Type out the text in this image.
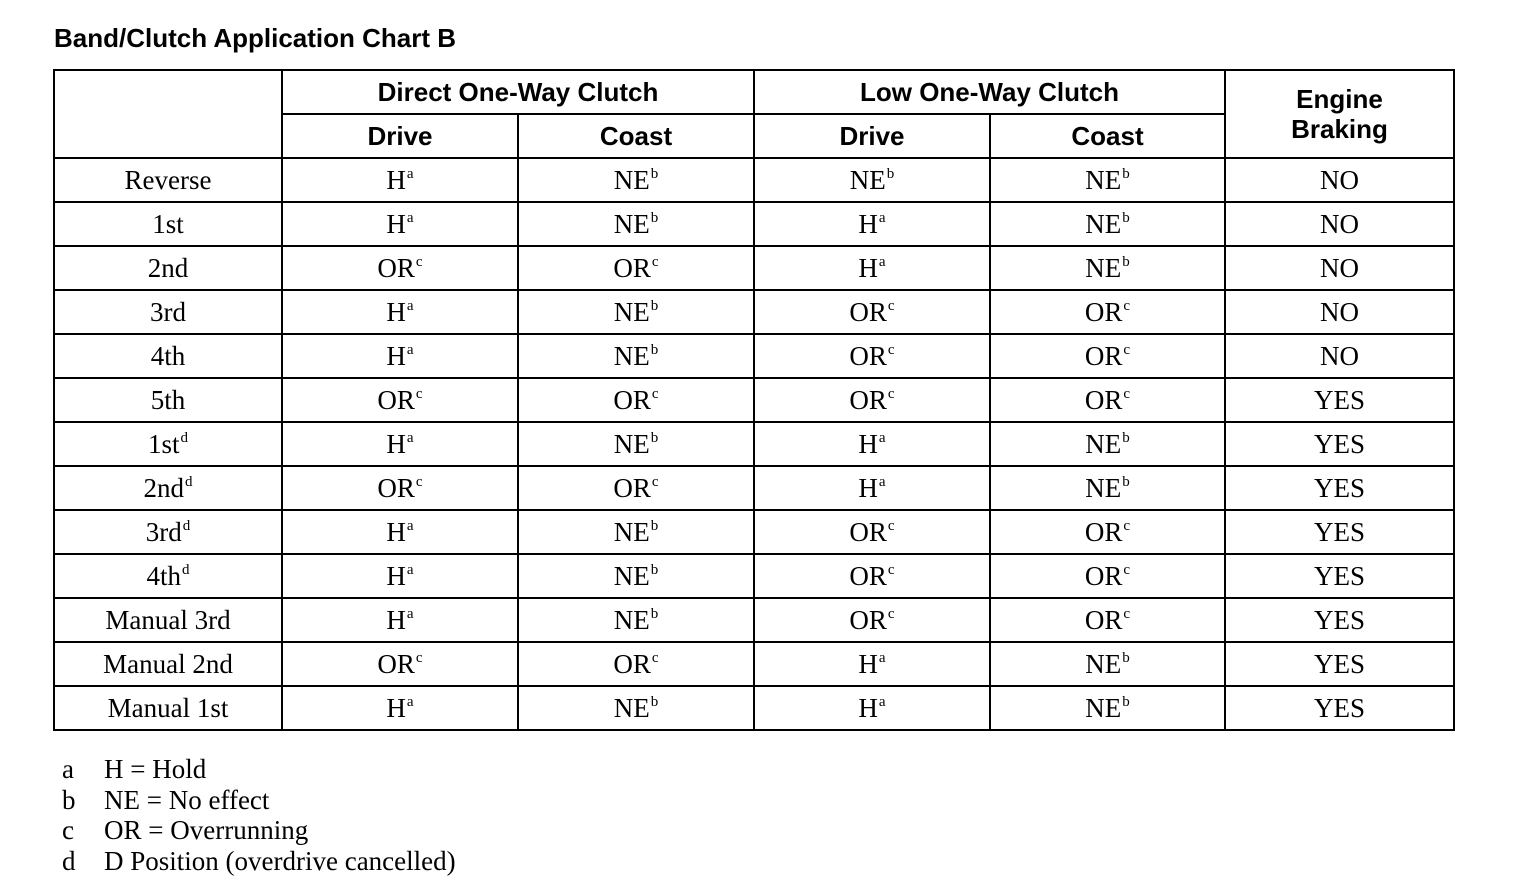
Band/Clutch Application Chart B
	Direct One-Way Clutch		Low One-Way Clutch		Engine
Braking

	Drive	Coast	Drive	Coast	
Reverse	H$^a$	NE$^b$	NE$^b$	NE$^b$	NO
1st	H$^a$	NE$^b$	H$^a$	NE$^b$	NO
2nd	OR$^c$	OR$^c$	H$^a$	NE$^b$	NO
3rd	H$^a$	NE$^b$	OR$^c$	OR$^c$	NO
4th	H$^a$	NE$^b$	OR$^c$	OR$^c$	NO
5th	OR$^c$	OR$^c$	OR$^c$	OR$^c$	YES
1st$^d$	H$^a$	NE$^b$	H$^a$	NE$^b$	YES
2nd$^d$	OR$^c$	OR$^c$	H$^a$	NE$^b$	YES
3rd$^d$	H$^a$	NE$^b$	OR$^c$	OR$^c$	YES
4th$^d$	H$^a$	NE$^b$	OR$^c$	OR$^c$	YES
Manual 3rd	H$^a$	NE$^b$	OR$^c$	OR$^c$	YES
Manual 2nd	OR$^c$	OR$^c$	H$^a$	NE$^b$	YES
Manual 1st	H$^a$	NE$^b$	H$^a$	NE$^b$	YES
a	H = Hold
b	NE = No effect
c	OR = Overrunning
d	D Position (overdrive cancelled)
